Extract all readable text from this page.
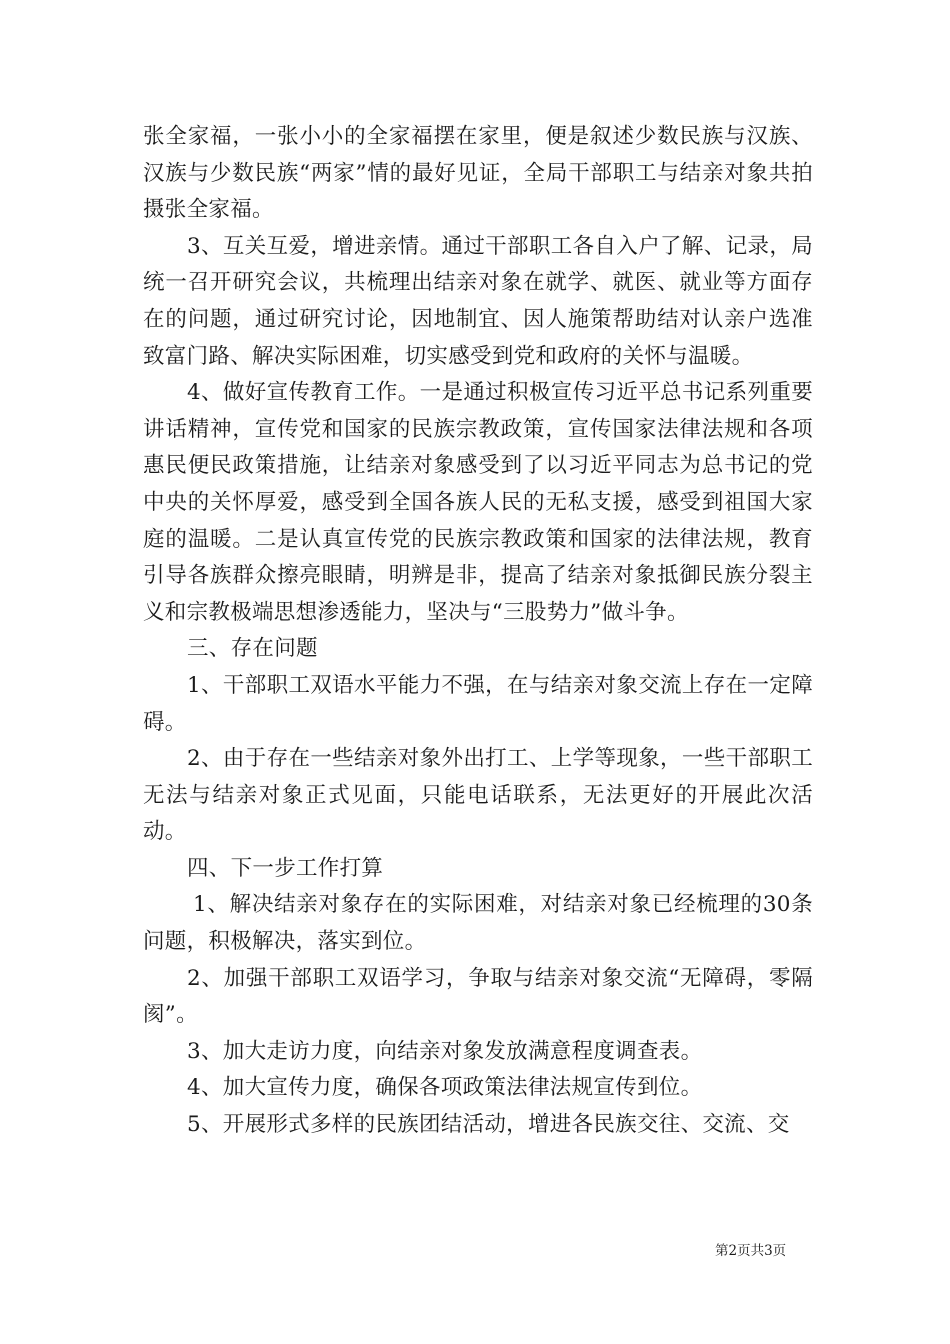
张全家福，一张小小的全家福摆在家里，便是叙述少数民族与汉族、汉族与少数民族“两家”情的最好见证，全局干部职工与结亲对象共拍摄张全家福。

3、互关互爱，增进亲情。通过干部职工各自入户了解、记录，局统一召开研究会议，共梳理出结亲对象在就学、就医、就业等方面存在的问题，通过研究讨论，因地制宜、因人施策帮助结对认亲户选准致富门路、解决实际困难，切实感受到党和政府的关怀与温暖。

4、做好宣传教育工作。一是通过积极宣传习近平总书记系列重要讲话精神，宣传党和国家的民族宗教政策，宣传国家法律法规和各项惠民便民政策措施，让结亲对象感受到了以习近平同志为总书记的党中央的关怀厚爱，感受到全国各族人民的无私支援，感受到祖国大家庭的温暖。二是认真宣传党的民族宗教政策和国家的法律法规，教育引导各族群众擦亮眼睛，明辨是非，提高了结亲对象抵御民族分裂主义和宗教极端思想渗透能力，坚决与“三股势力”做斗争。

三、存在问题

1、干部职工双语水平能力不强，在与结亲对象交流上存在一定障碍。

2、由于存在一些结亲对象外出打工、上学等现象，一些干部职工无法与结亲对象正式见面，只能电话联系，无法更好的开展此次活动。

四、下一步工作打算

1、解决结亲对象存在的实际困难，对结亲对象已经梳理的30条问题，积极解决，落实到位。

2、加强干部职工双语学习，争取与结亲对象交流“无障碍，零隔阂”。

3、加大走访力度，向结亲对象发放满意程度调查表。

4、加大宣传力度，确保各项政策法律法规宣传到位。

5、开展形式多样的民族团结活动，增进各民族交往、交流、交

第2页共3页
